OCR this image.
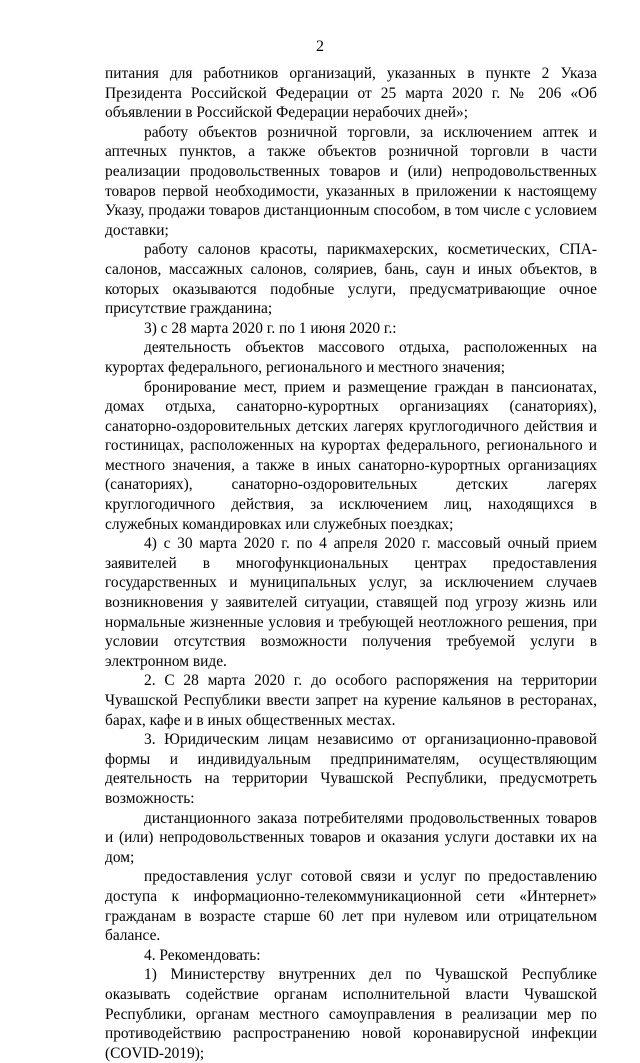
2

питания для работников организаций, указанных в пункте 2 Указа Президента Российской Федерации от 25 марта 2020 г. № 206 «Об объявлении в Российской Федерации нерабочих дней»;

работу объектов розничной торговли, за исключением аптек и аптечных пунктов, а также объектов розничной торговли в части реализации продовольственных товаров и (или) непродовольственных товаров первой необходимости, указанных в приложении к настоящему Указу, продажи товаров дистанционным способом, в том числе с условием доставки;

работу салонов красоты, парикмахерских, косметических, СПА-салонов, массажных салонов, соляриев, бань, саун и иных объектов, в которых оказываются подобные услуги, предусматривающие очное присутствие гражданина;

3) с 28 марта 2020 г. по 1 июня 2020 г.:

деятельность объектов массового отдыха, расположенных на курортах федерального, регионального и местного значения;

бронирование мест, прием и размещение граждан в пансионатах, домах отдыха, санаторно-курортных организациях (санаториях), санаторно-оздоровительных детских лагерях круглогодичного действия и гостиницах, расположенных на курортах федерального, регионального и местного значения, а также в иных санаторно-курортных организациях (санаториях), санаторно-оздоровительных детских лагерях круглогодичного действия, за исключением лиц, находящихся в служебных командировках или служебных поездках;

4) с 30 марта 2020 г. по 4 апреля 2020 г. массовый очный прием заявителей в многофункциональных центрах предоставления государственных и муниципальных услуг, за исключением случаев возникновения у заявителей ситуации, ставящей под угрозу жизнь или нормальные жизненные условия и требующей неотложного решения, при условии отсутствия возможности получения требуемой услуги в электронном виде.

2. С 28 марта 2020 г. до особого распоряжения на территории Чувашской Республики ввести запрет на курение кальянов в ресторанах, барах, кафе и в иных общественных местах.

3. Юридическим лицам независимо от организационно-правовой формы и индивидуальным предпринимателям, осуществляющим деятельность на территории Чувашской Республики, предусмотреть возможность:

дистанционного заказа потребителями продовольственных товаров и (или) непродовольственных товаров и оказания услуги доставки их на дом;

предоставления услуг сотовой связи и услуг по предоставлению доступа к информационно-телекоммуникационной сети «Интернет» гражданам в возрасте старше 60 лет при нулевом или отрицательном балансе.

4. Рекомендовать:

1) Министерству внутренних дел по Чувашской Республике оказывать содействие органам исполнительной власти Чувашской Республики, органам местного самоуправления в реализации мер по противодействию распространению новой коронавирусной инфекции (COVID-2019);
